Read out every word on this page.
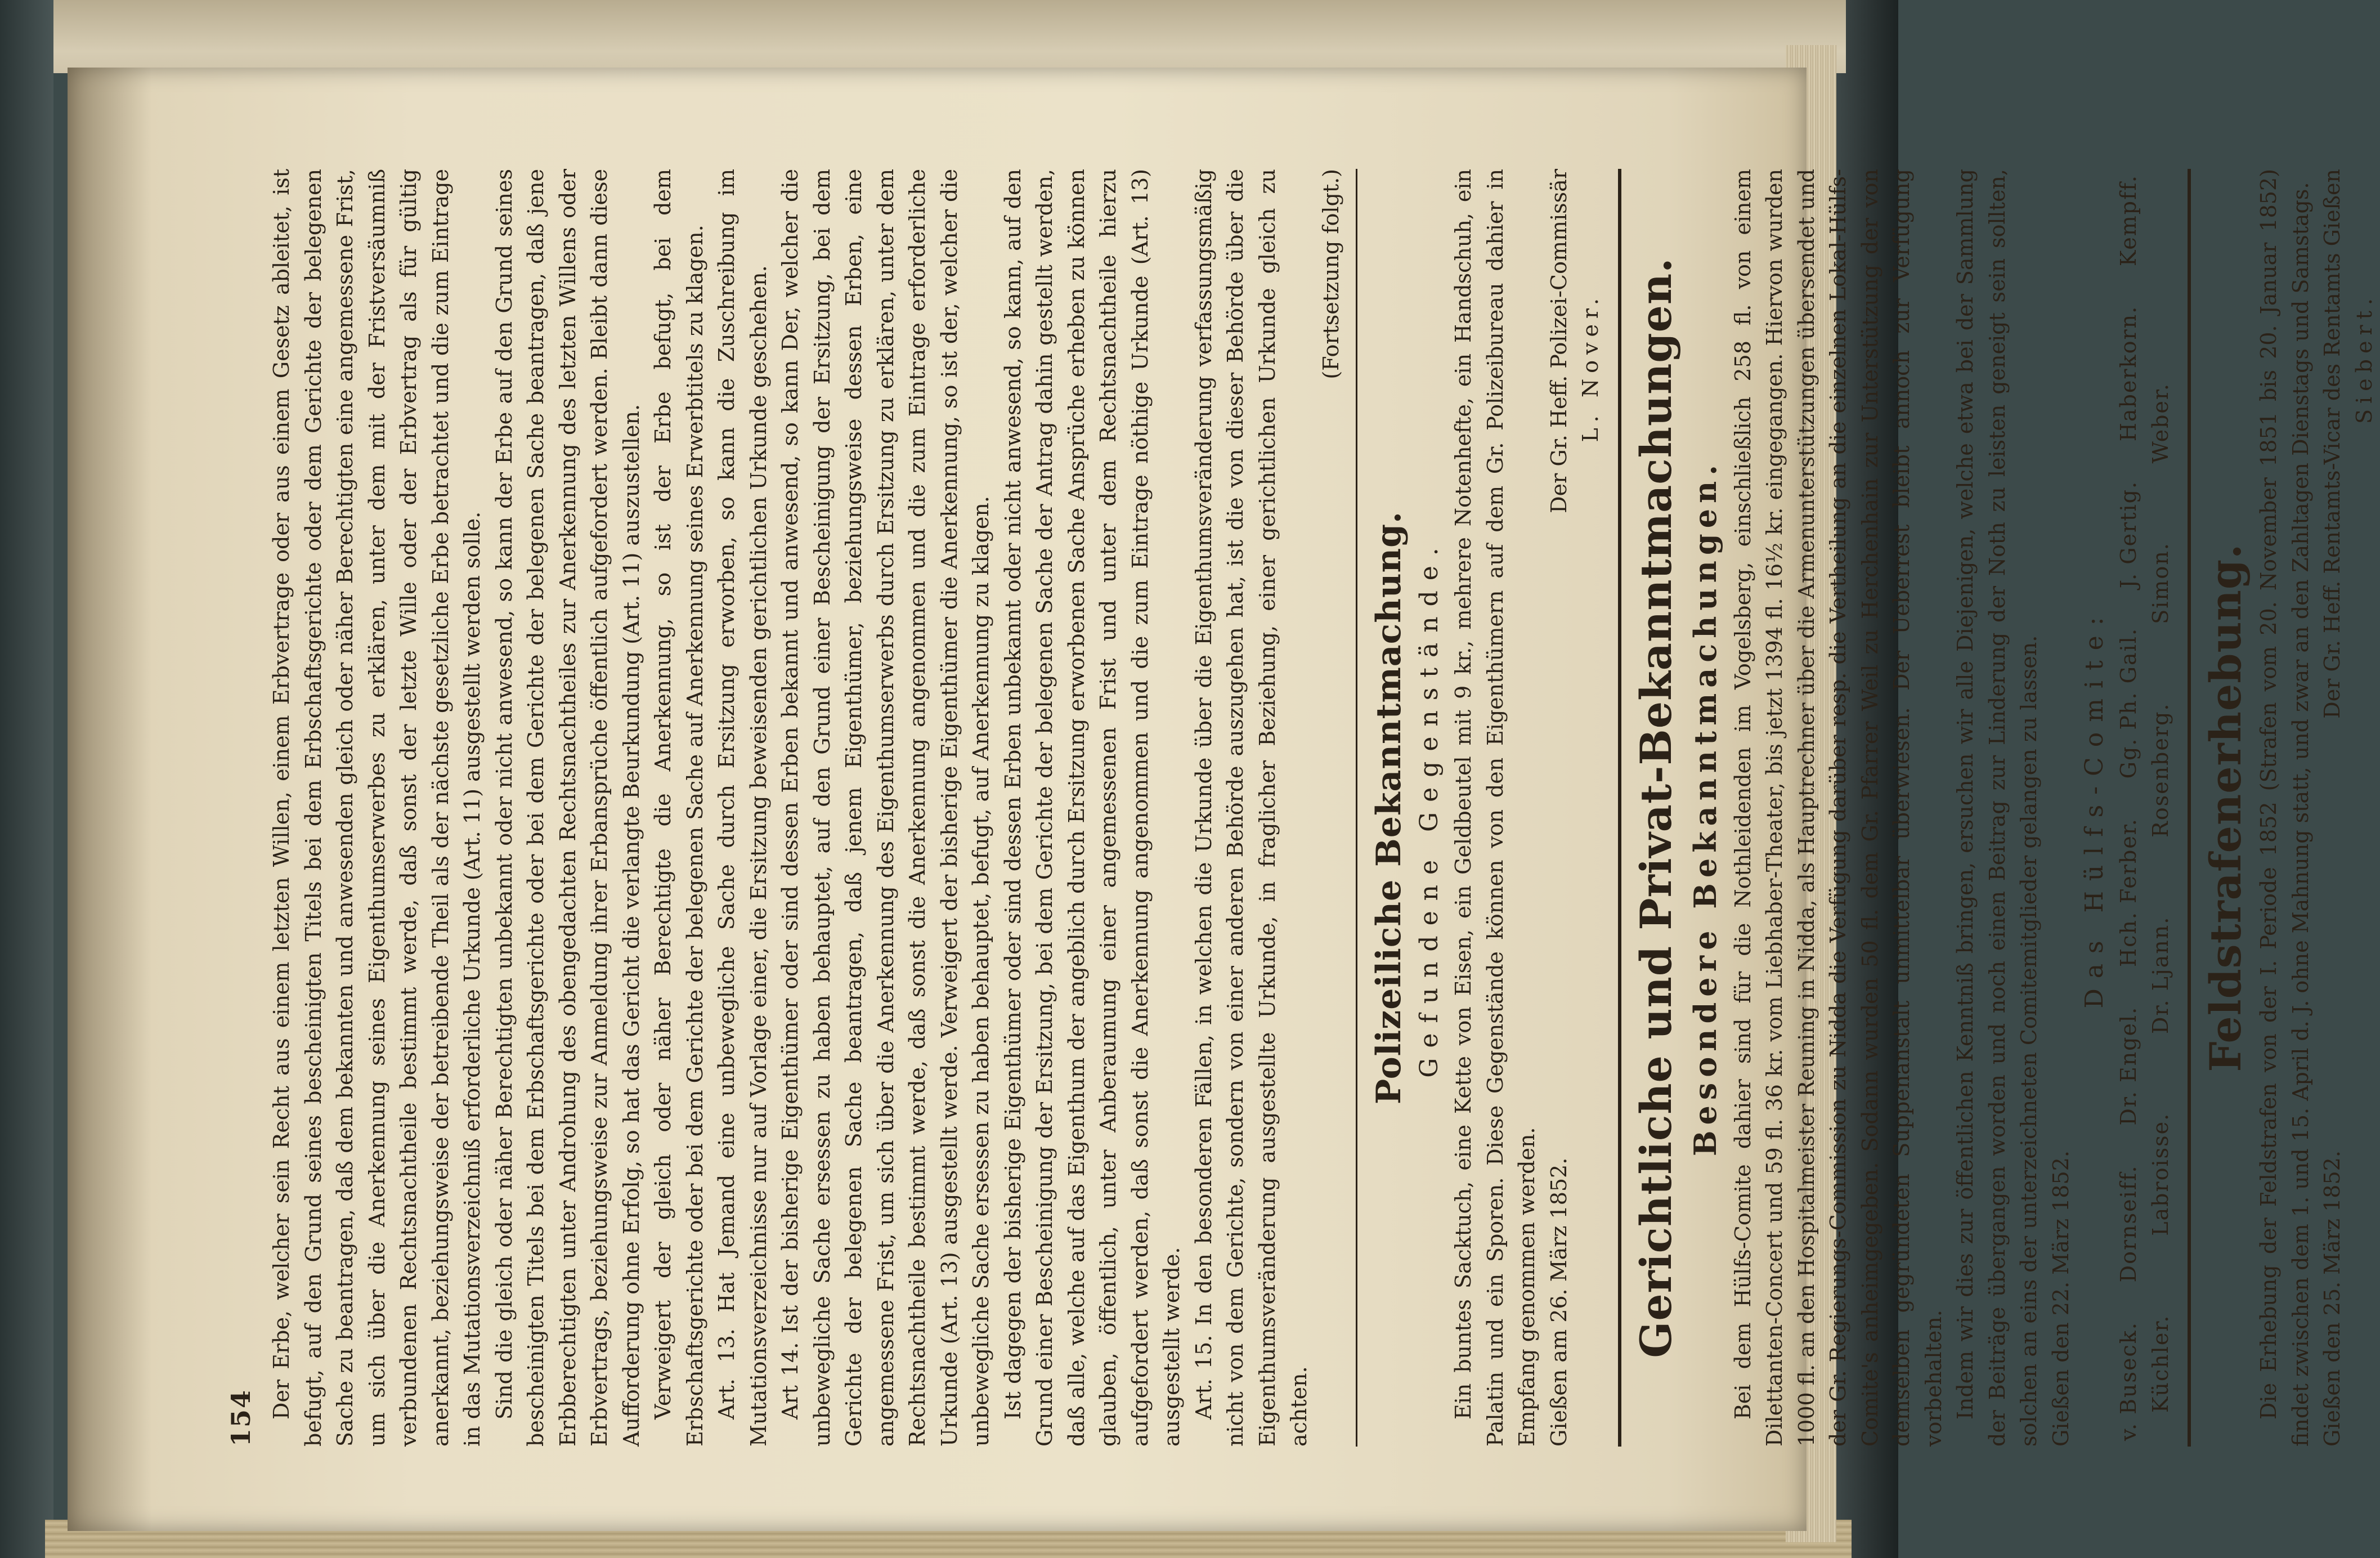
154 Der Erbe, welcher sein Recht aus einem letzten Willen, einem Erbvertrage oder aus einem Gesetz ableitet, ist befugt, auf den Grund seines bescheinigten Titels bei dem Erbschaftsgerichte oder dem Gerichte der belegenen Sache zu beantragen, daß dem bekannten und anwesenden gleich oder näher Berechtigten eine angemessene Frist, um sich über die Anerkennung seines Eigenthumserwerbes zu erklären, unter dem mit der Fristversäumniß verbundenen Rechtsnachtheile bestimmt werde, daß sonst der letzte Wille oder der Erbvertrag als für gültig anerkannt, beziehungsweise der betreibende Theil als der nächste gesetzliche Erbe betrachtet und die zum Eintrage in das Mutationsverzeichniß erforderliche Urkunde (Art. 11) ausgestellt werden solle. Sind die gleich oder näher Berechtigten unbekannt oder nicht anwesend, so kann der Erbe auf den Grund seines bescheinigten Titels bei dem Erbschaftsgerichte oder bei dem Gerichte der belegenen Sache beantragen, daß jene Erbberechtigten unter Androhung des obengedachten Rechtsnachtheiles zur Anerkennung des letzten Willens oder Erbvertrags, beziehungsweise zur Anmeldung ihrer Erbansprüche öffentlich aufgefordert werden. Bleibt dann diese Aufforderung ohne Erfolg, so hat das Gericht die verlangte Beurkundung (Art. 11) auszustellen. Verweigert der gleich oder näher Berechtigte die Anerkennung, so ist der Erbe befugt, bei dem Erbschaftsgerichte oder bei dem Gerichte der belegenen Sache auf Anerkennung seines Erwerbtitels zu klagen. Art. 13. Hat Jemand eine unbewegliche Sache durch Ersitzung erworben, so kann die Zuschreibung im Mutationsverzeichnisse nur auf Vorlage einer, die Ersitzung beweisenden gerichtlichen Urkunde geschehen. Art 14. Ist der bisherige Eigenthümer oder sind dessen Erben bekannt und anwesend, so kann Der, welcher die unbewegliche Sache ersessen zu haben behauptet, auf den Grund einer Bescheinigung der Ersitzung, bei dem Gerichte der belegenen Sache beantragen, daß jenem Eigenthümer, beziehungsweise dessen Erben, eine angemessene Frist, um sich über die Anerkennung des Eigenthumserwerbs durch Ersitzung zu erklären, unter dem Rechtsnachtheile bestimmt werde, daß sonst die Anerkennung angenommen und die zum Eintrage erforderliche Urkunde (Art. 13) ausgestellt werde. Verweigert der bisherige Eigenthümer die Anerkennung, so ist der, welcher die unbewegliche Sache ersessen zu haben behauptet, befugt, auf Anerkennung zu klagen. Ist dagegen der bisherige Eigenthümer oder sind dessen Erben unbekannt oder nicht anwesend, so kann, auf den Grund einer Bescheinigung der Ersitzung, bei dem Gerichte der belegenen Sache der Antrag dahin gestellt werden, daß alle, welche auf das Eigenthum der angeblich durch Ersitzung erworbenen Sache Ansprüche erheben zu können glauben, öffentlich, unter Anberaumung einer angemessenen Frist und unter dem Rechtsnachtheile hierzu aufgefordert werden, daß sonst die Anerkennung angenommen und die zum Eintrage nöthige Urkunde (Art. 13) ausgestellt werde. Art. 15. In den besonderen Fällen, in welchen die Urkunde über die Eigenthumsveränderung verfassungsmäßig nicht von dem Gerichte, sondern von einer anderen Behörde auszugehen hat, ist die von dieser Behörde über die Eigenthumsveränderung ausgestellte Urkunde, in fraglicher Beziehung, einer gerichtlichen Urkunde gleich zu achten.

(Fortsetzung folgt.)

Polizeiliche Bekanntmachung. Gefundene Gegenstände. Ein buntes Sacktuch, eine Kette von Eisen, ein Geldbeutel mit 9 kr., mehrere Notenhefte, ein Handschuh, ein Palatin und ein Sporen. Diese Gegenstände können von den Eigenthümern auf dem Gr. Polizeibureau dahier in Empfang genommen werden. Gießen am 26. März 1852.
Der Gr. Heff. Polizei-Commissär L. Nover. Gerichtliche und Privat-Bekanntmachungen. Besondere Bekanntmachungen. Bei dem Hülfs-Comite dahier sind für die Nothleidenden im Vogelsberg, einschließlich 258 fl. von einem Dilettanten-Concert und 59 fl. 36 kr. vom Liebhaber-Theater, bis jetzt 1394 fl. 16½ kr. eingegangen. Hiervon wurden 1000 fl. an den Hospitalmeister Reuning in Nidda, als Hauptrechner über die Armenunterstützungen übersendet und der Gr. Regierungs-Commission zu Nidda die Verfügung darüber resp. die Vertheilung an die einzelnen Lokal-Hülfs-Comite's anheimgegeben. Sodann wurden 50 fl. dem Gr. Pfarrer Weil zu Herchenhain zur Unterstützung der von demselben gegründeten Suppenanstalt unmittelbar überwiesen. Der Ueberrest bleibt annoch zur Verfügung vorbehalten. Indem wir dies zur öffentlichen Kenntniß bringen, ersuchen wir alle Diejenigen, welche etwa bei der Sammlung der Beiträge übergangen worden und noch einen Beitrag zur Linderung der Noth zu leisten geneigt sein sollten, solchen an eins der unterzeichneten Comitemitglieder gelangen zu lassen. Gießen den 22. März 1852.

Das Hülfs-Comite:
v. Buseck.
Dornseiff.
Dr. Engel.
Hch. Ferber.
Gg. Ph. Gail.
J. Gertig.
Haberkorn.
Kempff.
Küchler.
Labroisse.
Dr. Ljann.
Rosenberg.
Simon.
Weber.
Feldstrafenerhebung. Die Erhebung der Feldstrafen von der I. Periode 1852 (Strafen vom 20. November 1851 bis 20. Januar 1852) findet zwischen dem 1. und 15. April d. J. ohne Mahnung statt, und zwar an den Zahltagen Dienstags und Samstags. Gießen den 25. März 1852.
Der Gr. Heff. Rentamts-Vicar des Rentamts Gießen Siebert.
